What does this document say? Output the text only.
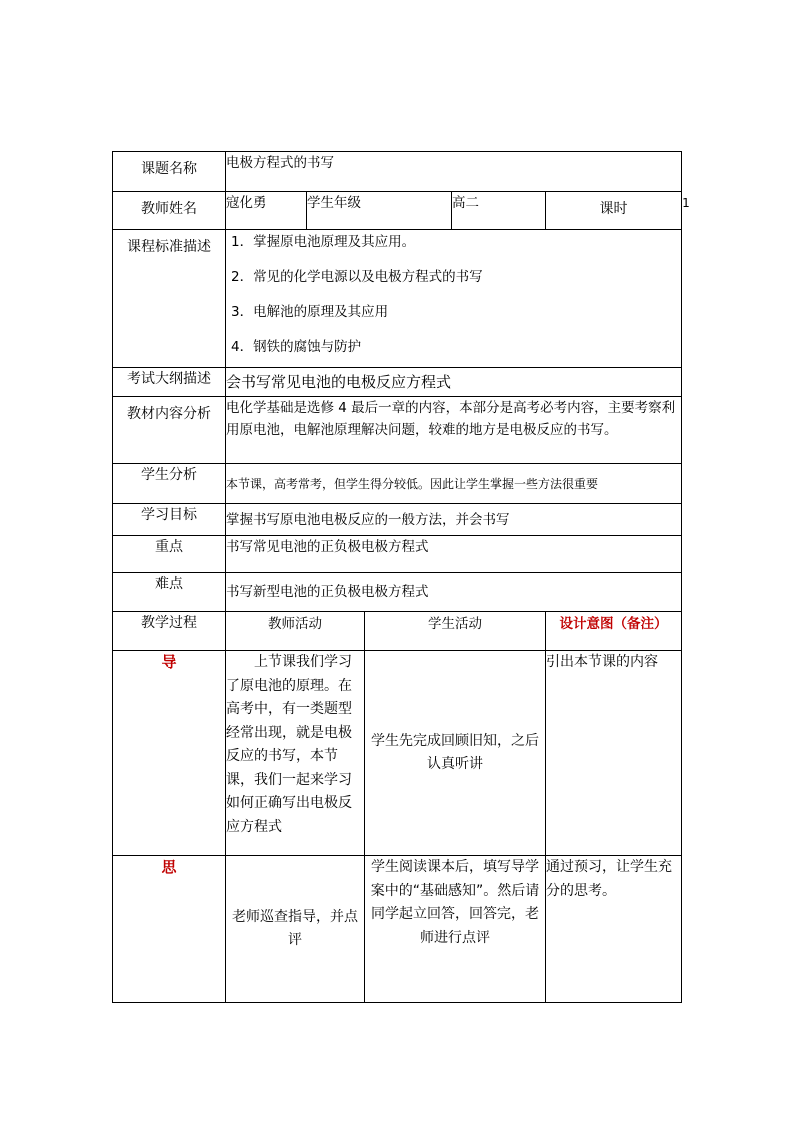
课题名称	电极方程式的书写					
教师姓名	寇化勇	学生年级		高二	课时	1
课程标准描述	1．掌握原电池原理及其应用。
2．常见的化学电源以及电极方程式的书写
3．电解池的原理及其应用
4．钢铁的腐蚀与防护					

考试大纲描述	会书写常见电池的电极反应方程式					
教材内容分析	电化学基础是选修 4 最后一章的内容，本部分是高考必考内容，主要考察利用原电池，电解池原理解决问题，较难的地方是电极反应的书写。					
学生分析	本节课，高考常考，但学生得分较低。因此让学生掌握一些方法很重要					
学习目标	掌握书写原电池电极反应的一般方法，并会书写					
重点	书写常见电池的正负极电极方程式					
难点	书写新型电池的正负极电极方程式					
教学过程	教师活动		学生活动		设计意图（备注）	
导	上节课我们学习了原电池的原理。在高考中，有一类题型经常出现，就是电极反应的书写，本节课，我们一起来学习如何正确写出电极反应方程式		学生先完成回顾旧知，之后认真听讲		引出本节课的内容	
思	老师巡查指导，并点评		学生阅读课本后，填写导学案中的“基础感知”。然后请同学起立回答，回答完，老师进行点评		通过预习，让学生充分的思考。	
